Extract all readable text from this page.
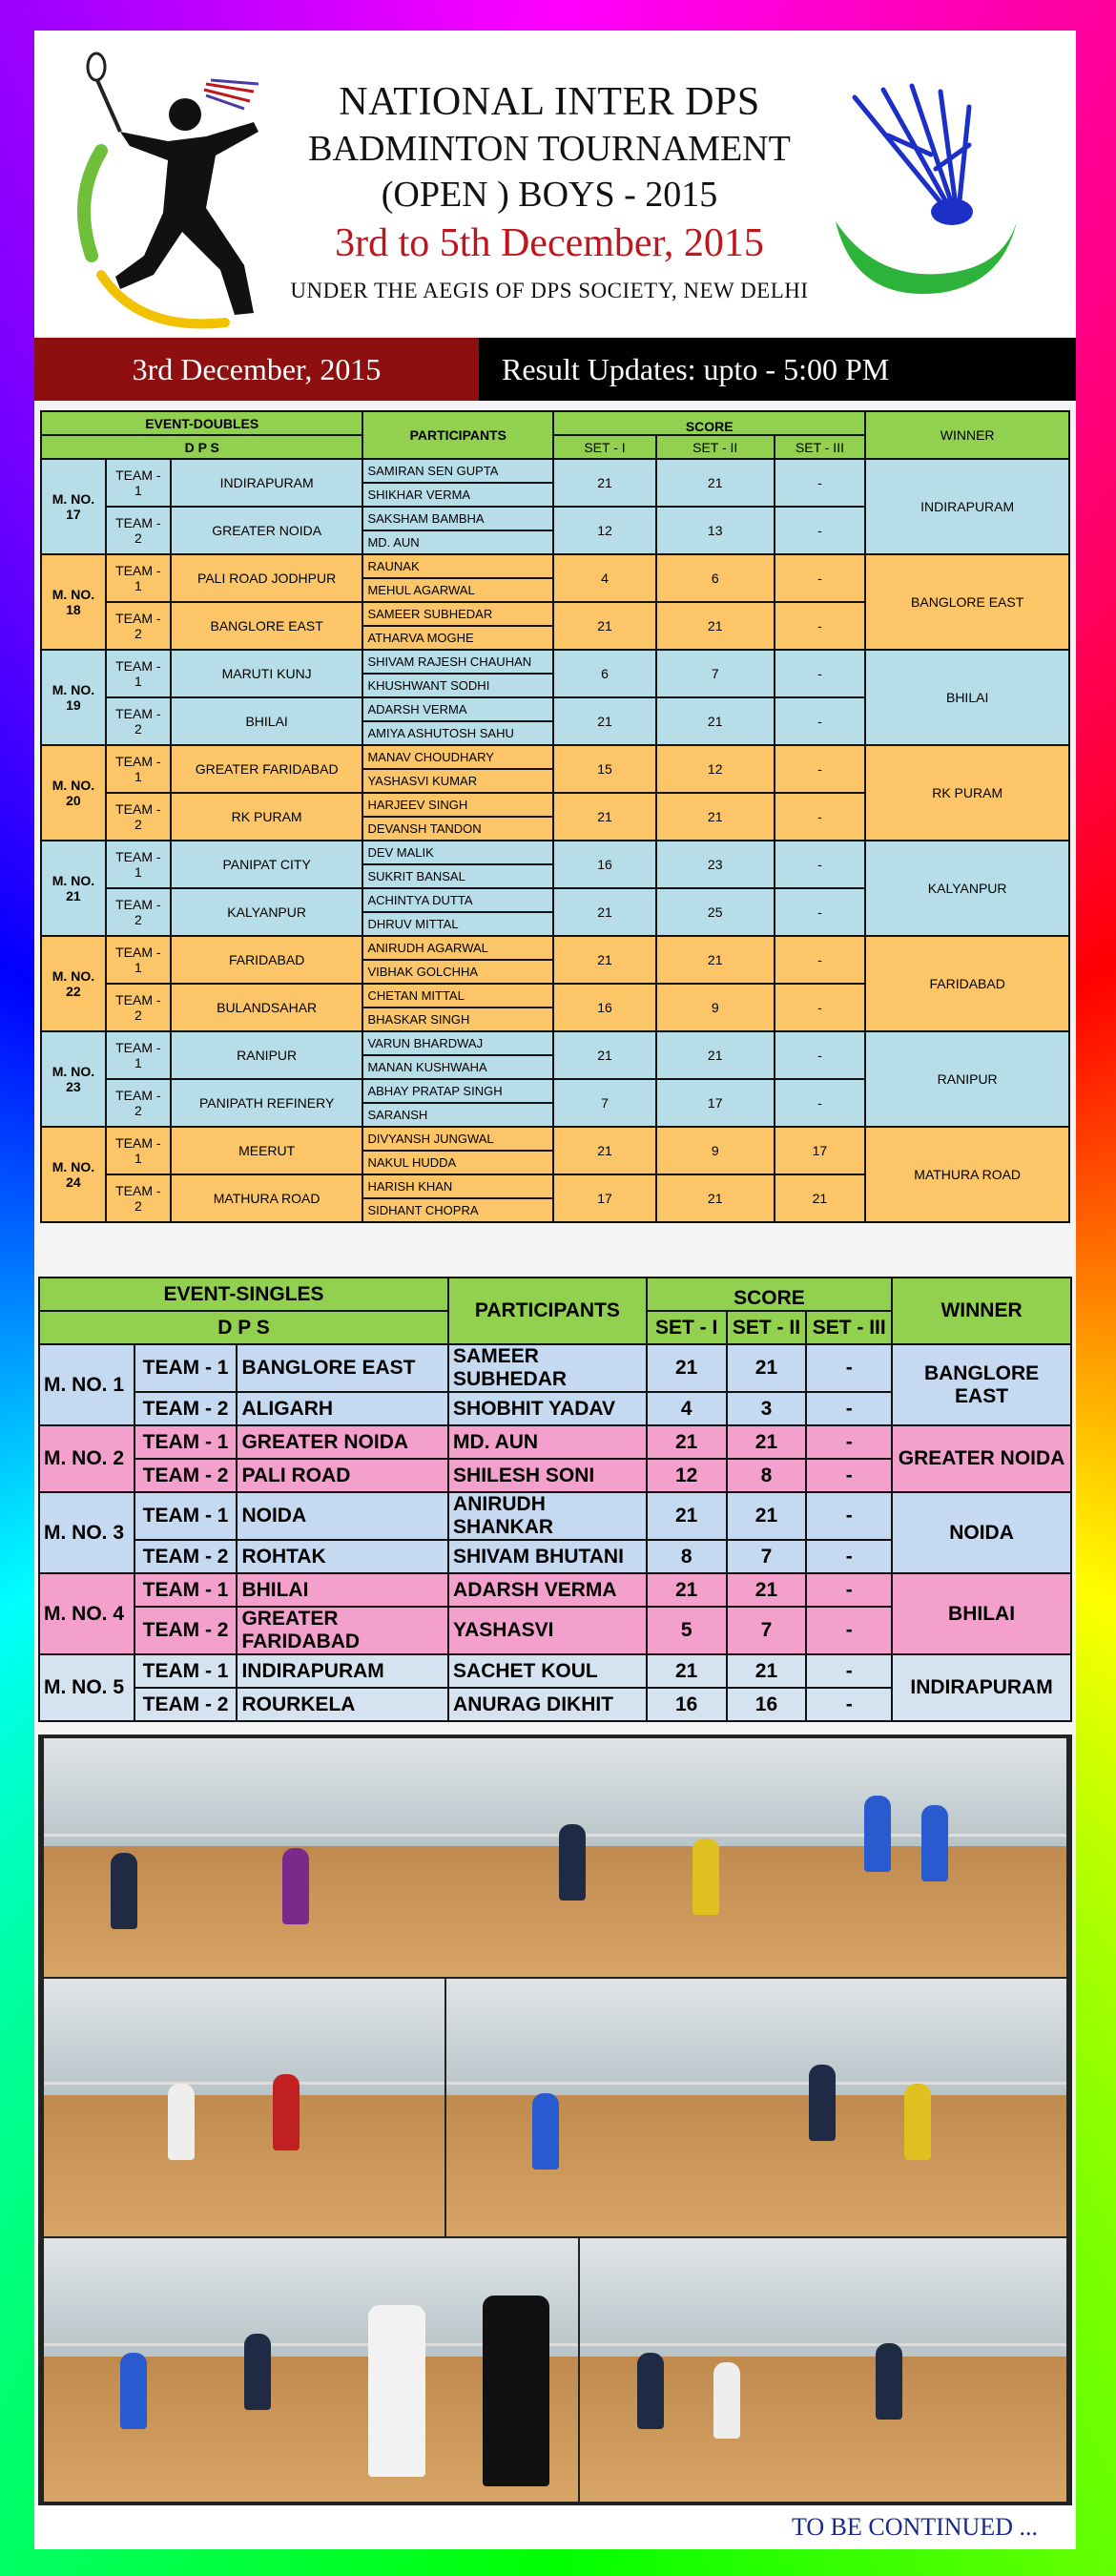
NATIONAL INTER DPS
BADMINTON TOURNAMENT
(OPEN ) BOYS - 2015
3rd to 5th December, 2015
UNDER THE AEGIS OF DPS SOCIETY, NEW DELHI
3rd December, 2015	Result Updates: upto - 5:00 PM
EVENT-DOUBLES			PARTICIPANTS	SCORE			WINNER
D P S							
				SET - I	SET - II	SET - III	
M. NO. 17	TEAM - 1	INDIRAPURAM	SAMIRAN SEN GUPTA	21	21	-	INDIRAPURAM
			SHIKHAR VERMA				
	TEAM - 2	GREATER NOIDA	SAKSHAM BAMBHA	12	13	-	
			MD. AUN				
M. NO. 18	TEAM - 1	PALI ROAD JODHPUR	RAUNAK	4	6	-	BANGLORE EAST
			MEHUL AGARWAL				
	TEAM - 2	BANGLORE EAST	SAMEER SUBHEDAR	21	21	-	
			ATHARVA MOGHE				
M. NO. 19	TEAM - 1	MARUTI KUNJ	SHIVAM RAJESH CHAUHAN	6	7	-	BHILAI
			KHUSHWANT SODHI				
	TEAM - 2	BHILAI	ADARSH VERMA	21	21	-	
			AMIYA ASHUTOSH SAHU				
M. NO. 20	TEAM - 1	GREATER FARIDABAD	MANAV CHOUDHARY	15	12	-	RK PURAM
			YASHASVI KUMAR				
	TEAM - 2	RK PURAM	HARJEEV SINGH	21	21	-	
			DEVANSH TANDON				
M. NO. 21	TEAM - 1	PANIPAT CITY	DEV MALIK	16	23	-	KALYANPUR
			SUKRIT BANSAL				
	TEAM - 2	KALYANPUR	ACHINTYA DUTTA	21	25	-	
			DHRUV MITTAL				
M. NO. 22	TEAM - 1	FARIDABAD	ANIRUDH AGARWAL	21	21	-	FARIDABAD
			VIBHAK GOLCHHA				
	TEAM - 2	BULANDSAHAR	CHETAN MITTAL	16	9	-	
			BHASKAR SINGH				
M. NO. 23	TEAM - 1	RANIPUR	VARUN BHARDWAJ	21	21	-	RANIPUR
			MANAN KUSHWAHA				
	TEAM - 2	PANIPATH REFINERY	ABHAY PRATAP SINGH	7	17	-	
			SARANSH				
M. NO. 24	TEAM - 1	MEERUT	DIVYANSH JUNGWAL	21	9	17	MATHURA ROAD
			NAKUL HUDDA				
	TEAM - 2	MATHURA ROAD	HARISH KHAN	17	21	21	
			SIDHANT CHOPRA				
EVENT-SINGLES			PARTICIPANTS	SCORE			WINNER
D P S							
				SET - I	SET - II	SET - III	
M. NO. 1	TEAM - 1	BANGLORE EAST	SAMEER SUBHEDAR	21	21	-	BANGLORE EAST
	TEAM - 2	ALIGARH	SHOBHIT YADAV	4	3	-	
M. NO. 2	TEAM - 1	GREATER NOIDA	MD. AUN	21	21	-	GREATER NOIDA
	TEAM - 2	PALI ROAD	SHILESH SONI	12	8	-	
M. NO. 3	TEAM - 1	NOIDA	ANIRUDH SHANKAR	21	21	-	NOIDA
	TEAM - 2	ROHTAK	SHIVAM BHUTANI	8	7	-	
M. NO. 4	TEAM - 1	BHILAI	ADARSH VERMA	21	21	-	BHILAI
	TEAM - 2	GREATER FARIDABAD	YASHASVI	5	7	-	
M. NO. 5	TEAM - 1	INDIRAPURAM	SACHET KOUL	21	21	-	INDIRAPURAM
	TEAM - 2	ROURKELA	ANURAG DIKHIT	16	16	-	
TO BE CONTINUED ...
